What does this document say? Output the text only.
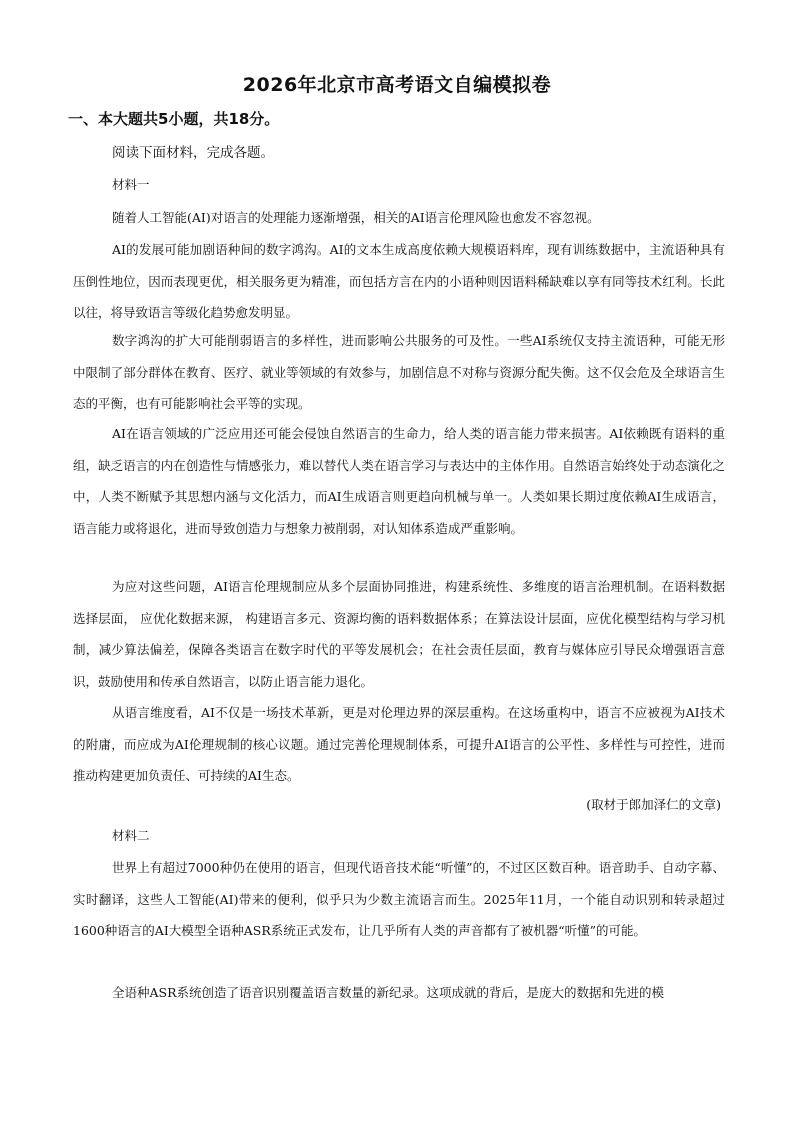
2026年北京市高考语文自编模拟卷
一、本大题共5小题，共18分。
阅读下面材料，完成各题。
材料一

随着人工智能(AI)对语言的处理能力逐渐增强，相关的AI语言伦理风险也愈发不容忽视。

AI的发展可能加剧语种间的数字鸿沟。AI的文本生成高度依赖大规模语料库，现有训练数据中，主流语种具有压倒性地位，因而表现更优，相关服务更为精准，而包括方言在内的小语种则因语料稀缺难以享有同等技术红利。长此以往，将导致语言等级化趋势愈发明显。

数字鸿沟的扩大可能削弱语言的多样性，进而影响公共服务的可及性。一些AI系统仅支持主流语种，可能无形中限制了部分群体在教育、医疗、就业等领域的有效参与，加剧信息不对称与资源分配失衡。这不仅会危及全球语言生态的平衡，也有可能影响社会平等的实现。

AI在语言领域的广泛应用还可能会侵蚀自然语言的生命力，给人类的语言能力带来损害。AI依赖既有语料的重组，缺乏语言的内在创造性与情感张力，难以替代人类在语言学习与表达中的主体作用。自然语言始终处于动态演化之中，人类不断赋予其思想内涵与文化活力，而AI生成语言则更趋向机械与单一。人类如果长期过度依赖AI生成语言，语言能力或将退化，进而导致创造力与想象力被削弱，对认知体系造成严重影响。

为应对这些问题，AI语言伦理规制应从多个层面协同推进，构建系统性、多维度的语言治理机制。在语料数据选择层面， 应优化数据来源， 构建语言多元、资源均衡的语料数据体系；在算法设计层面，应优化模型结构与学习机制，减少算法偏差，保障各类语言在数字时代的平等发展机会；在社会责任层面，教育与媒体应引导民众增强语言意识，鼓励使用和传承自然语言，以防止语言能力退化。

从语言维度看，AI不仅是一场技术革新，更是对伦理边界的深层重构。在这场重构中，语言不应被视为AI技术的附庸，而应成为AI伦理规制的核心议题。通过完善伦理规制体系，可提升AI语言的公平性、多样性与可控性，进而推动构建更加负责任、可持续的AI生态。

(取材于郎加泽仁的文章)
材料二

世界上有超过7000种仍在使用的语言，但现代语音技术能“听懂”的，不过区区数百种。语音助手、自动字幕、实时翻译，这些人工智能(AI)带来的便利，似乎只为少数主流语言而生。2025年11月，一个能自动识别和转录超过1600种语言的AI大模型全语种ASR系统正式发布，让几乎所有人类的声音都有了被机器“听懂”的可能。

全语种ASR系统创造了语音识别覆盖语言数量的新纪录。这项成就的背后，是庞大的数据和先进的模
